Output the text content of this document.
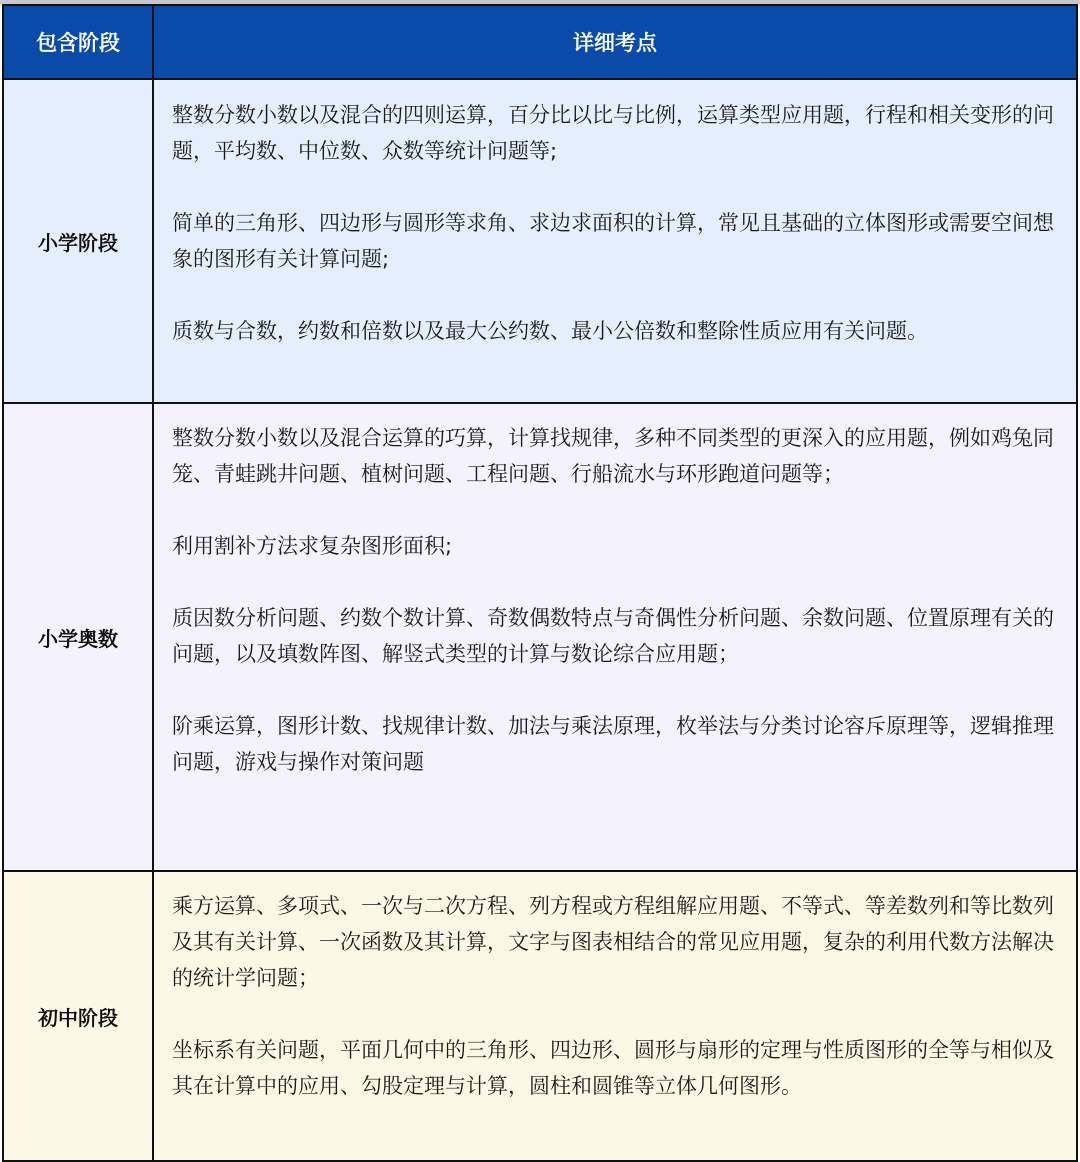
包含阶段	详细考点
小学阶段	整数分数小数以及混合的四则运算，百分比以比与比例，运算类型应用题，行程和相关变形的问题，平均数、中位数、众数等统计问题等;

简单的三角形、四边形与圆形等求角、求边求面积的计算，常见且基础的立体图形或需要空间想象的图形有关计算问题;

质数与合数，约数和倍数以及最大公约数、最小公倍数和整除性质应用有关问题。

小学奥数	整数分数小数以及混合运算的巧算，计算找规律，多种不同类型的更深入的应用题，例如鸡兔同笼、青蛙跳井问题、植树问题、工程问题、行船流水与环形跑道问题等；

利用割补方法求复杂图形面积;

质因数分析问题、约数个数计算、奇数偶数特点与奇偶性分析问题、余数问题、位置原理有关的问题，以及填数阵图、解竖式类型的计算与数论综合应用题；

阶乘运算，图形计数、找规律计数、加法与乘法原理，枚举法与分类讨论容斥原理等，逻辑推理问题，游戏与操作对策问题

初中阶段	乘方运算、多项式、一次与二次方程、列方程或方程组解应用题、不等式、等差数列和等比数列及其有关计算、一次函数及其计算，文字与图表相结合的常见应用题，复杂的利用代数方法解决的统计学问题；

坐标系有关问题，平面几何中的三角形、四边形、圆形与扇形的定理与性质图形的全等与相似及其在计算中的应用、勾股定理与计算，圆柱和圆锥等立体几何图形。
